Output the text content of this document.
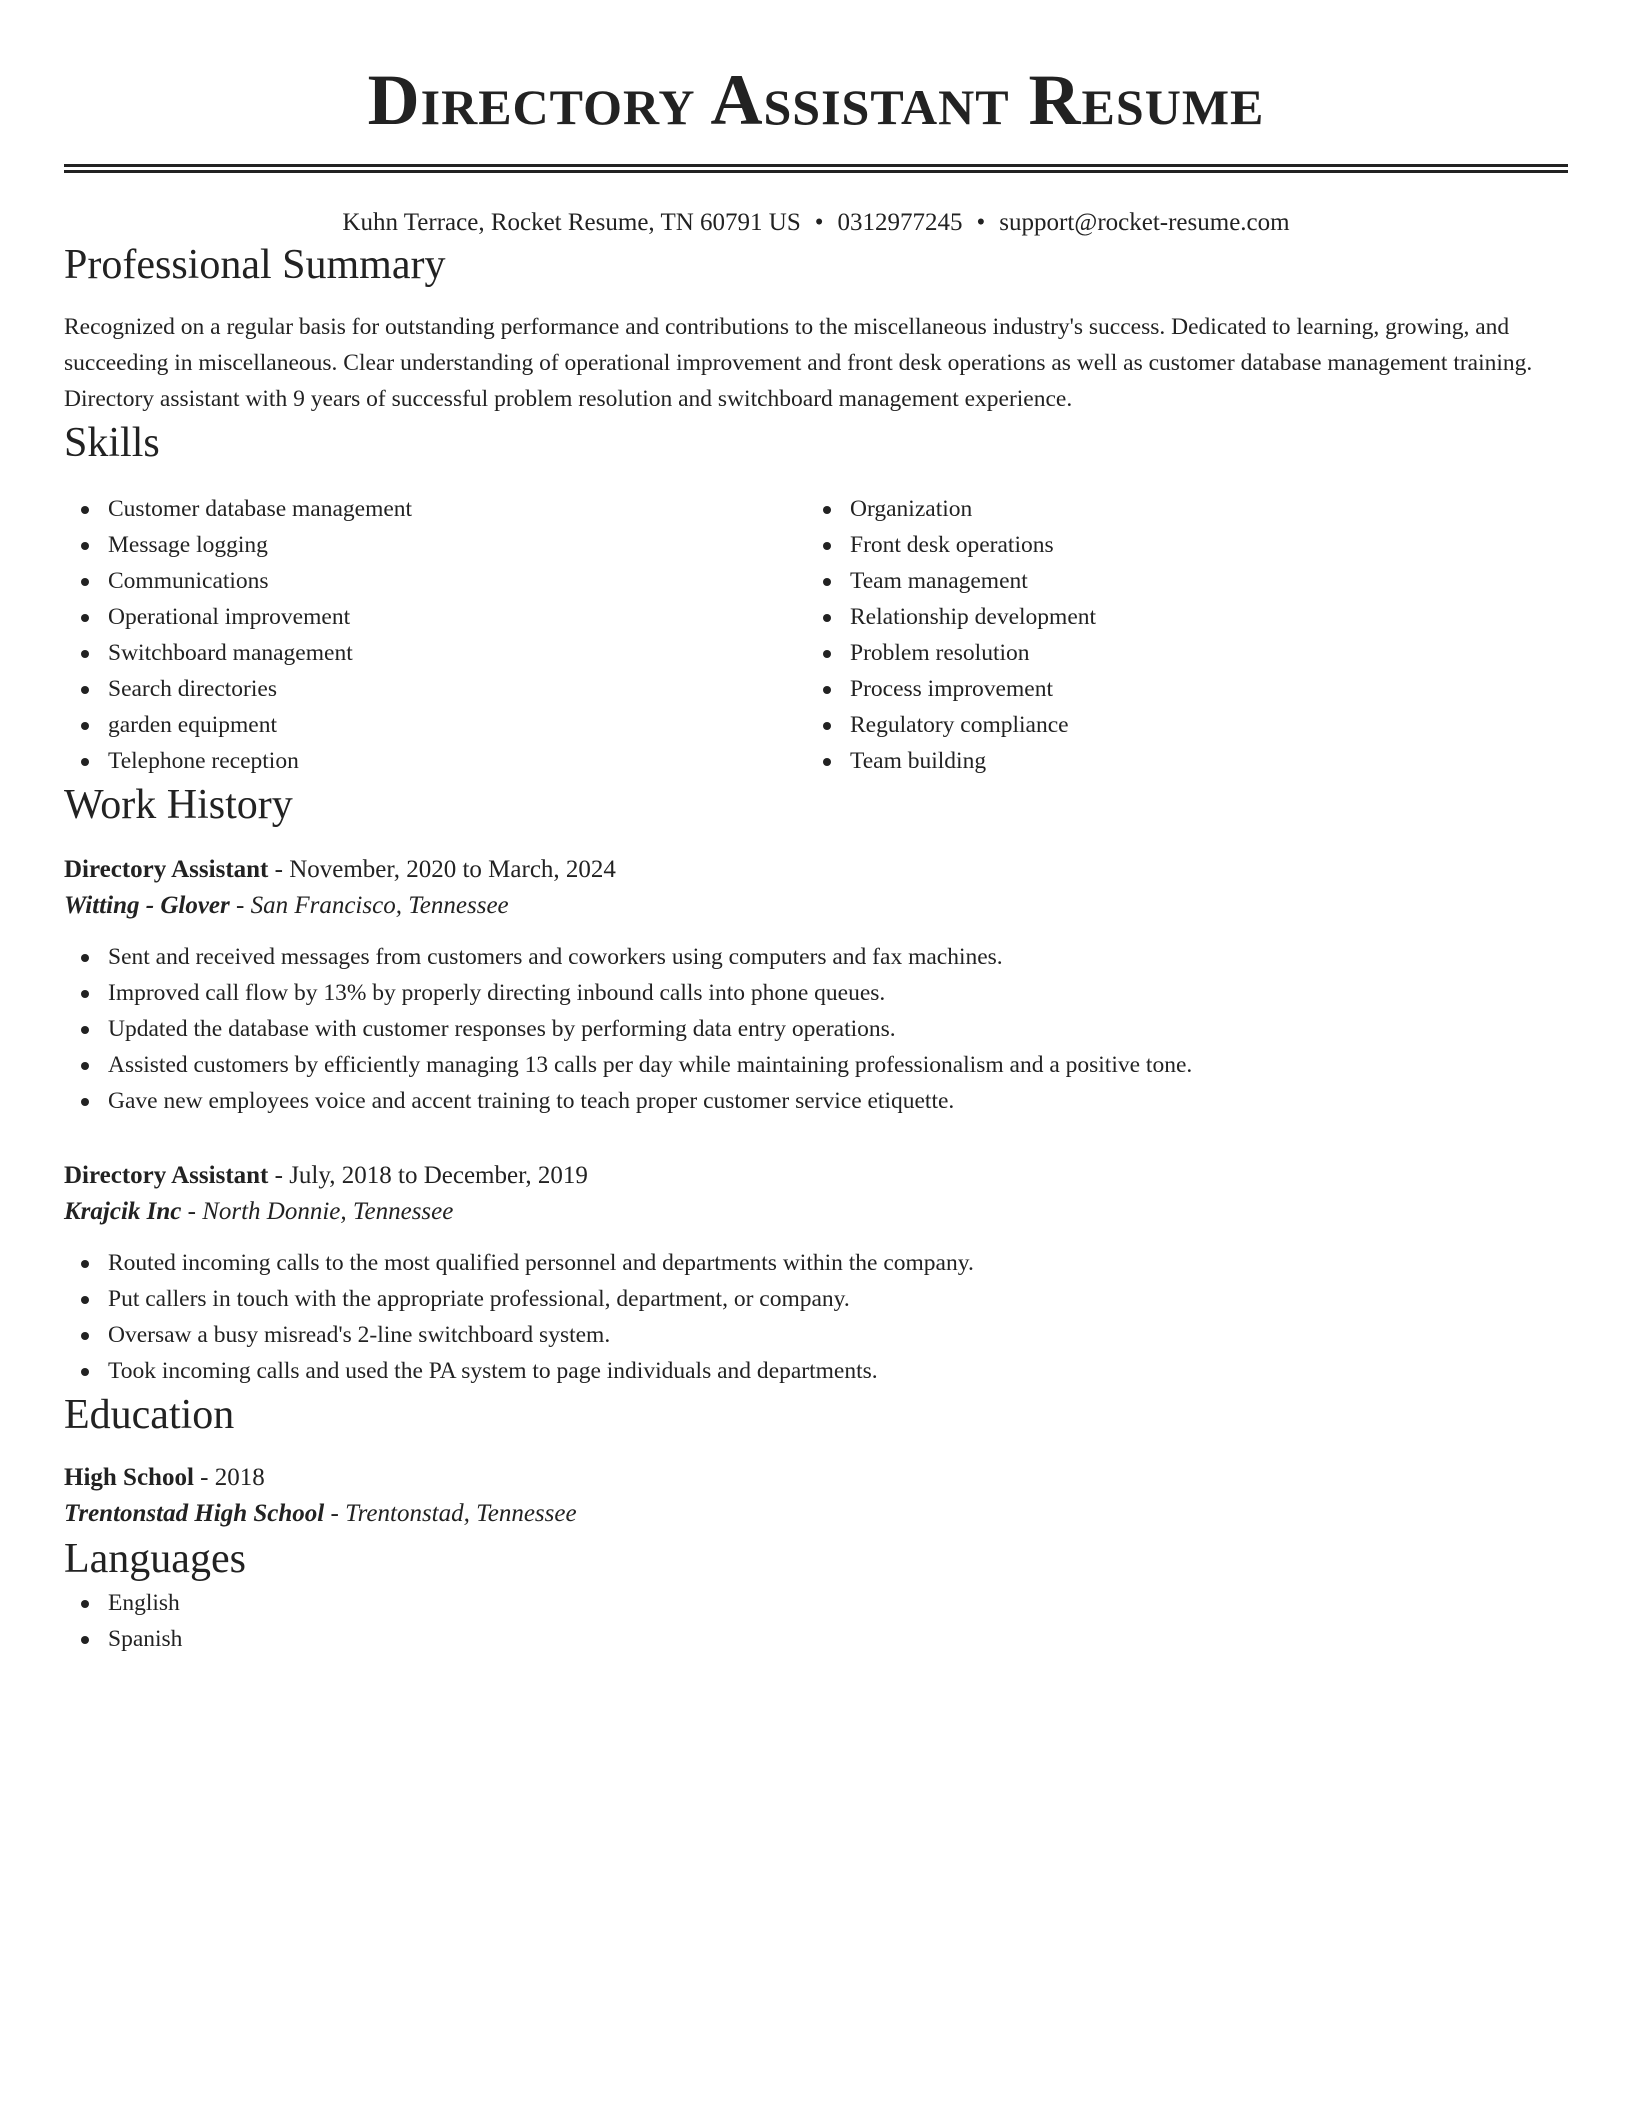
Directory Assistant Resume
Kuhn Terrace, Rocket Resume, TN 60791 US • 0312977245 • support@rocket-resume.com
Professional Summary
Recognized on a regular basis for outstanding performance and contributions to the miscellaneous industry's success. Dedicated to learning, growing, and succeeding in miscellaneous. Clear understanding of operational improvement and front desk operations as well as customer database management training. Directory assistant with 9 years of successful problem resolution and switchboard management experience.
Skills
Customer database management
Message logging
Communications
Operational improvement
Switchboard management
Search directories
garden equipment
Telephone reception
Organization
Front desk operations
Team management
Relationship development
Problem resolution
Process improvement
Regulatory compliance
Team building
Work History
Directory Assistant - November, 2020 to March, 2024
Witting - Glover - San Francisco, Tennessee
Sent and received messages from customers and coworkers using computers and fax machines.
Improved call flow by 13% by properly directing inbound calls into phone queues.
Updated the database with customer responses by performing data entry operations.
Assisted customers by efficiently managing 13 calls per day while maintaining professionalism and a positive tone.
Gave new employees voice and accent training to teach proper customer service etiquette.
Directory Assistant - July, 2018 to December, 2019
Krajcik Inc - North Donnie, Tennessee
Routed incoming calls to the most qualified personnel and departments within the company.
Put callers in touch with the appropriate professional, department, or company.
Oversaw a busy misread's 2-line switchboard system.
Took incoming calls and used the PA system to page individuals and departments.
Education
High School - 2018
Trentonstad High School - Trentonstad, Tennessee
Languages
English
Spanish
